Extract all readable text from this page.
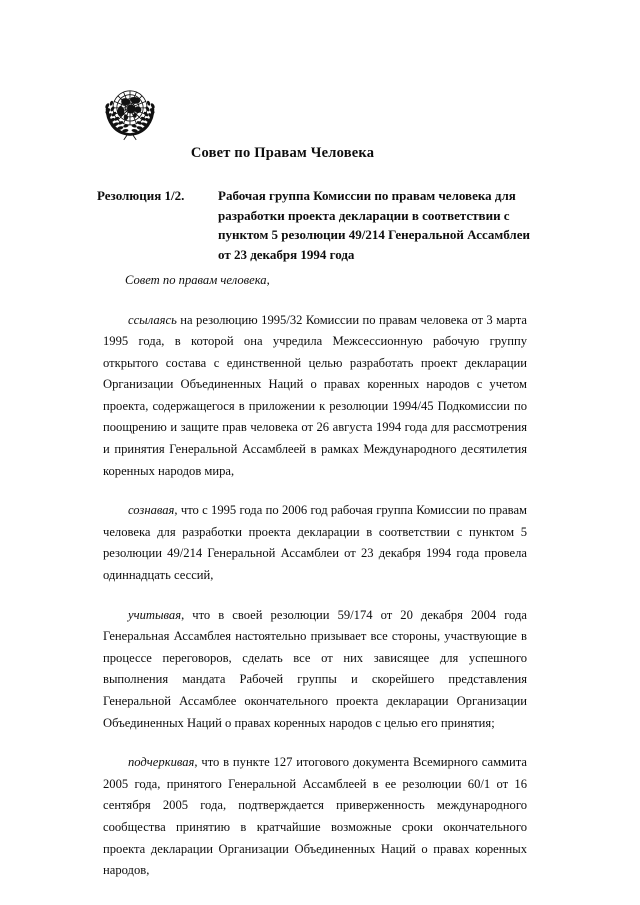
Совет по Правам Человека
Резолюция 1/2.	Рабочая группа Комиссии по правам человека для
разработки проекта декларации в соответствии с
пунктом 5 резолюции 49/214 Генеральной Ассамблеи
от 23 декабря 1994 года

Совет по правам человека,

ссылаясь на резолюцию 1995/32 Комиссии по правам человека от 3 марта 1995 года, в которой она учредила Межсессионную рабочую группу открытого состава с единственной целью разработать проект декларации Организации Объединенных Наций о правах коренных народов с учетом проекта, содержащегося в приложении к резолюции 1994/45 Подкомиссии по поощрению и защите прав человека от 26 августа 1994 года для рассмотрения и принятия Генеральной Ассамблеей в рамках Международного десятилетия коренных народов мира,

сознавая, что с 1995 года по 2006 год рабочая группа Комиссии по правам человека для разработки проекта декларации в соответствии с пунктом 5 резолюции 49/214 Генеральной Ассамблеи от 23 декабря 1994 года провела одиннадцать сессий,

учитывая, что в своей резолюции 59/174 от 20 декабря 2004 года Генеральная Ассамблея настоятельно призывает все стороны, участвующие в процессе переговоров, сделать все от них зависящее для успешного выполнения мандата Рабочей группы и скорейшего представления Генеральной Ассамблее окончательного проекта декларации Организации Объединенных Наций о правах коренных народов с целью его принятия;

подчеркивая, что в пункте 127 итогового документа Всемирного саммита 2005 года, принятого Генеральной Ассамблеей в ее резолюции 60/1 от 16 сентября 2005 года, подтверждается приверженность международного сообщества принятию в кратчайшие возможные сроки окончательного проекта декларации Организации Объединенных Наций о правах коренных народов,
